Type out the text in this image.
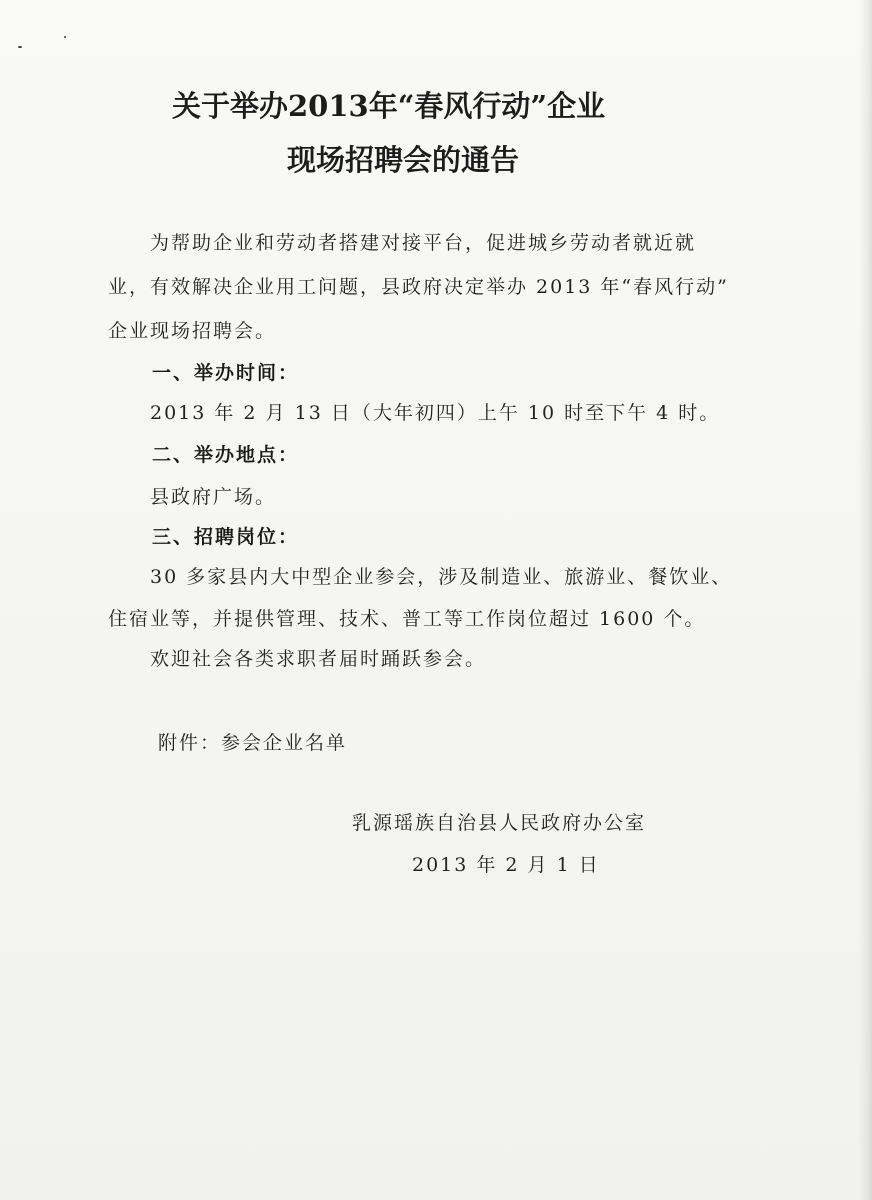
关于举办2013年“春风行动”企业
现场招聘会的通告
为帮助企业和劳动者搭建对接平台，促进城乡劳动者就近就
业，有效解决企业用工问题，县政府决定举办 2013 年“春风行动”
企业现场招聘会。
一、举办时间：
2013 年 2 月 13 日（大年初四）上午 10 时至下午 4 时。
二、举办地点：
县政府广场。
三、招聘岗位：
30 多家县内大中型企业参会，涉及制造业、旅游业、餐饮业、
住宿业等，并提供管理、技术、普工等工作岗位超过 1600 个。
欢迎社会各类求职者届时踊跃参会。
附件：参会企业名单
乳源瑶族自治县人民政府办公室
2013 年 2 月 1 日
